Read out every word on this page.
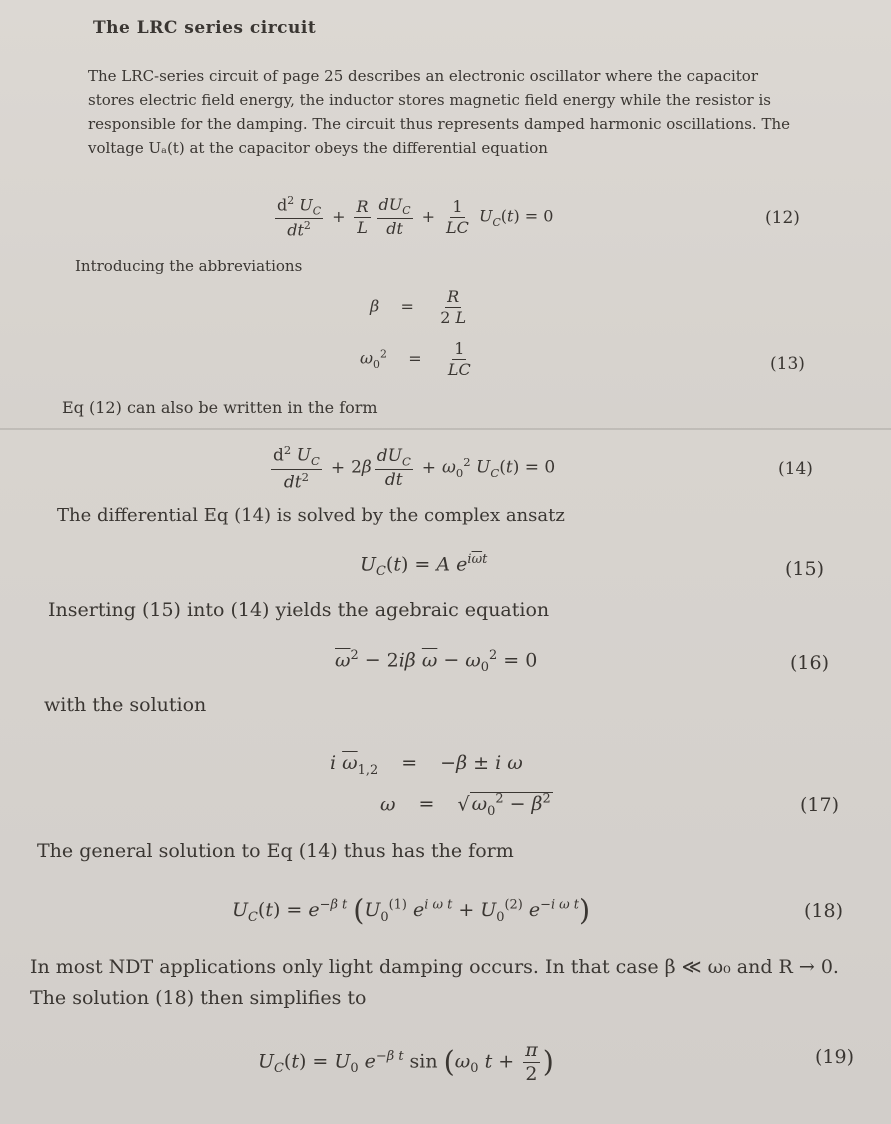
The LRC series circuit
The LRC-series circuit of page 25 describes an electronic oscillator where the capacitor stores electric field energy, the inductor stores magnetic field energy while the resistor is responsible for the damping. The circuit thus represents damped harmonic oscillations. The voltage Uₐ(t) at the capacitor obeys the differential equation
$\frac{d^2 U_C}{dt^2} + \frac{R}{L} \frac{dU_C}{dt} + \frac{1}{LC} U_C(t) = 0$	(12)
Introducing the abbreviations
$\beta = \frac{R}{2 L}$
$\omega_0^2 = \frac{1}{LC}$	(13)
Eq (12) can also be written in the form
$\frac{d^2 U_C}{dt^2} + 2\beta \frac{dU_C}{dt} + \omega_0^2$ $U_C(t) = 0$	(14)
The differential Eq (14) is solved by the complex ansatz
$U_C(t) = A$ $e^{i\overline{\omega}t}$	(15)
Inserting (15) into (14) yields the agebraic equation
$\overline{\omega}^2 - 2i\beta$ $\overline{\omega} - \omega_0^2 = 0$	(16)
with the solution
i $\overline{\omega}_{1,2} = -\beta \pm i$ ω
ω = √ $\omega_0^2 - \beta^2$	(17)
The general solution to Eq (14) thus has the form
$U_C(t) = e^{-\beta t}$ ($U_0^{(1)}$ $e^{i \omega t} + U_0^{(2)}$ $e^{-i \omega t}$)	(18)
In most NDT applications only light damping occurs. In that case β ≪ ω₀ and R → 0. The solution (18) then simplifies to
$U_C(t) = U_0$ $e^{-\beta t}$ $\sin (\omega_0$ $t + \frac{\pi}{2}$ )	(19)
